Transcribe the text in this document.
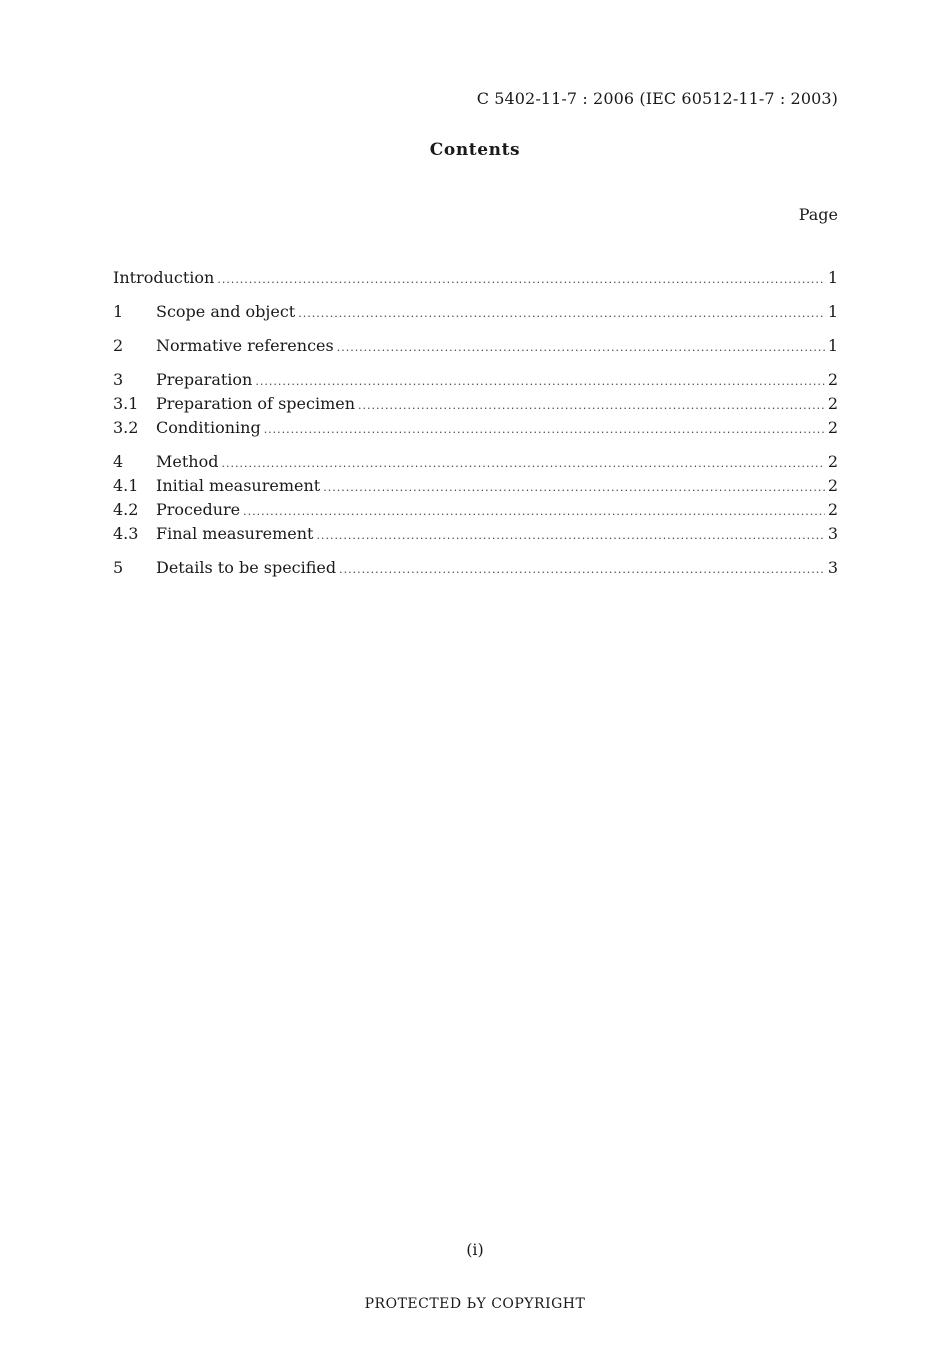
C 5402-11-7 : 2006 (IEC 60512-11-7 : 2003)
Contents
Page
Introduction .....	1
1	Scope and object .....	1
2	Normative references .....	1
3	Preparation .....	2
3.1	Preparation of specimen .....	2
3.2	Conditioning .....	2
4	Method .....	2
4.1	Initial measurement .....	2
4.2	Procedure .....	2
4.3	Final measurement .....	3
5	Details to be specified .....	3
(i)
PROTECTED ЬY COPYRIGHT
